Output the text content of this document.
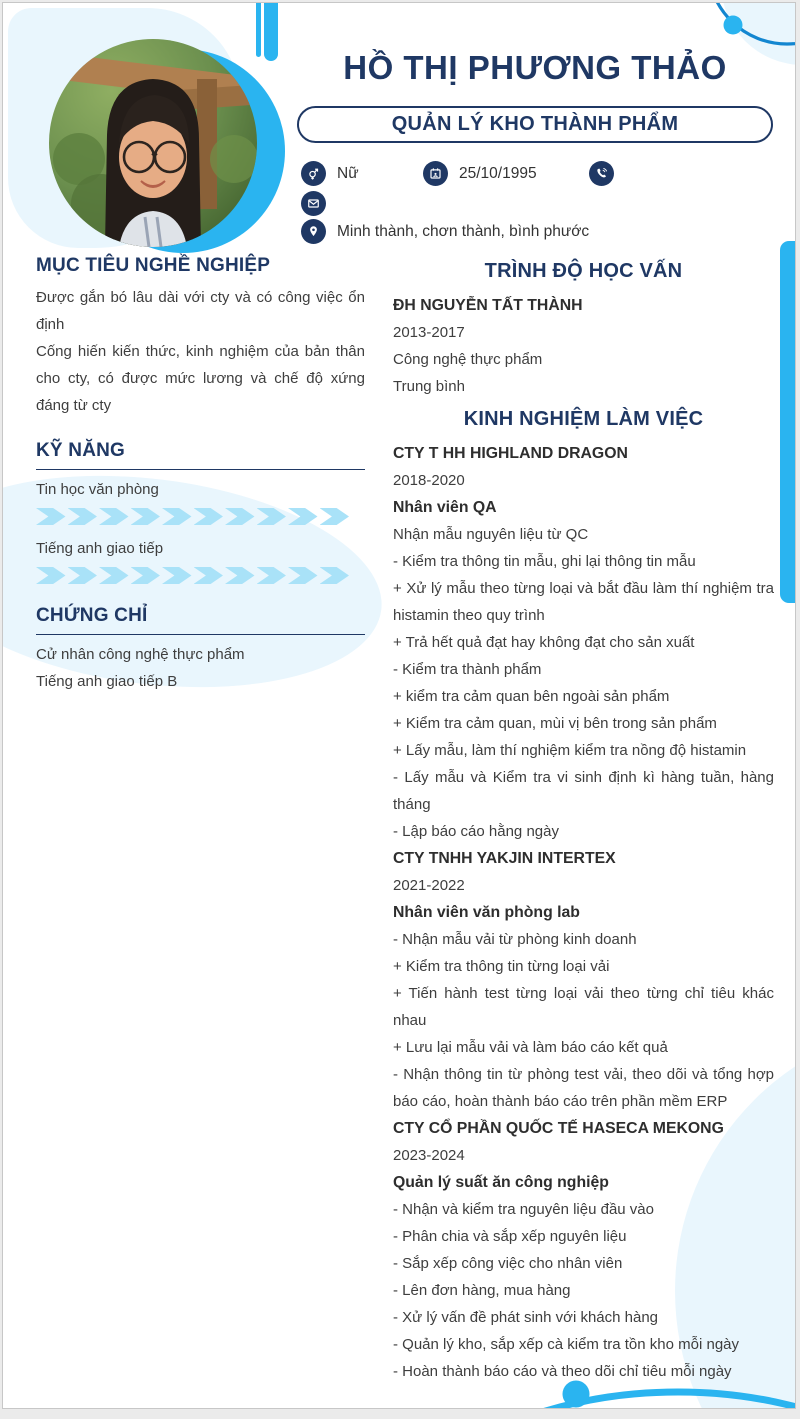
HỒ THỊ PHƯƠNG THẢO
QUẢN LÝ KHO THÀNH PHẨM
Nữ	25/10/1995
Minh thành, chơn thành, bình phước
MỤC TIÊU NGHỀ NGHIỆP

Được gắn bó lâu dài với cty và có công việc ổn định

Cống hiến kiến thức, kinh nghiệm của bản thân cho cty, có được mức lương và chế độ xứng đáng từ cty

KỸ NĂNG
Tin học văn phòng
Tiếng anh giao tiếp
CHỨNG CHỈ
Cử nhân công nghệ thực phẩm
Tiếng anh giao tiếp B
TRÌNH ĐỘ HỌC VẤN
ĐH NGUYỄN TẤT THÀNH
2013-2017
Công nghệ thực phẩm
Trung bình
KINH NGHIỆM LÀM VIỆC
CTY T HH HIGHLAND DRAGON
2018-2020
Nhân viên QA
Nhận mẫu nguyên liệu từ QC
- Kiểm tra thông tin mẫu, ghi lại thông tin mẫu
+ Xử lý mẫu theo từng loại và bắt đầu làm thí nghiệm tra histamin theo quy trình
+ Trả hết quả đạt hay không đạt cho sản xuất
- Kiểm tra thành phẩm
+ kiểm tra cảm quan bên ngoài sản phẩm
+ Kiểm tra cảm quan, mùi vị bên trong sản phẩm
+ Lấy mẫu, làm thí nghiệm kiểm tra nồng độ histamin
- Lấy mẫu và Kiểm tra vi sinh định kì hàng tuần, hàng tháng
- Lập báo cáo hằng ngày
CTY TNHH YAKJIN INTERTEX
2021-2022
Nhân viên văn phòng lab
- Nhận mẫu vải từ phòng kinh doanh
+ Kiểm tra thông tin từng loại vải
+ Tiến hành test từng loại vải theo từng chỉ tiêu khác nhau
+ Lưu lại mẫu vải và làm báo cáo kết quả
- Nhận thông tin từ phòng test vải, theo dõi và tổng hợp báo cáo, hoàn thành báo cáo trên phần mềm ERP
CTY CỔ PHẦN QUỐC TẾ HASECA MEKONG
2023-2024
Quản lý suất ăn công nghiệp
- Nhận và kiểm tra nguyên liệu đầu vào
- Phân chia và sắp xếp nguyên liệu
- Sắp xếp công việc cho nhân viên
- Lên đơn hàng, mua hàng
- Xử lý vấn đề phát sinh với khách hàng
- Quản lý kho, sắp xếp cà kiểm tra tồn kho mỗi ngày
- Hoàn thành báo cáo và theo dõi chỉ tiêu mỗi ngày
